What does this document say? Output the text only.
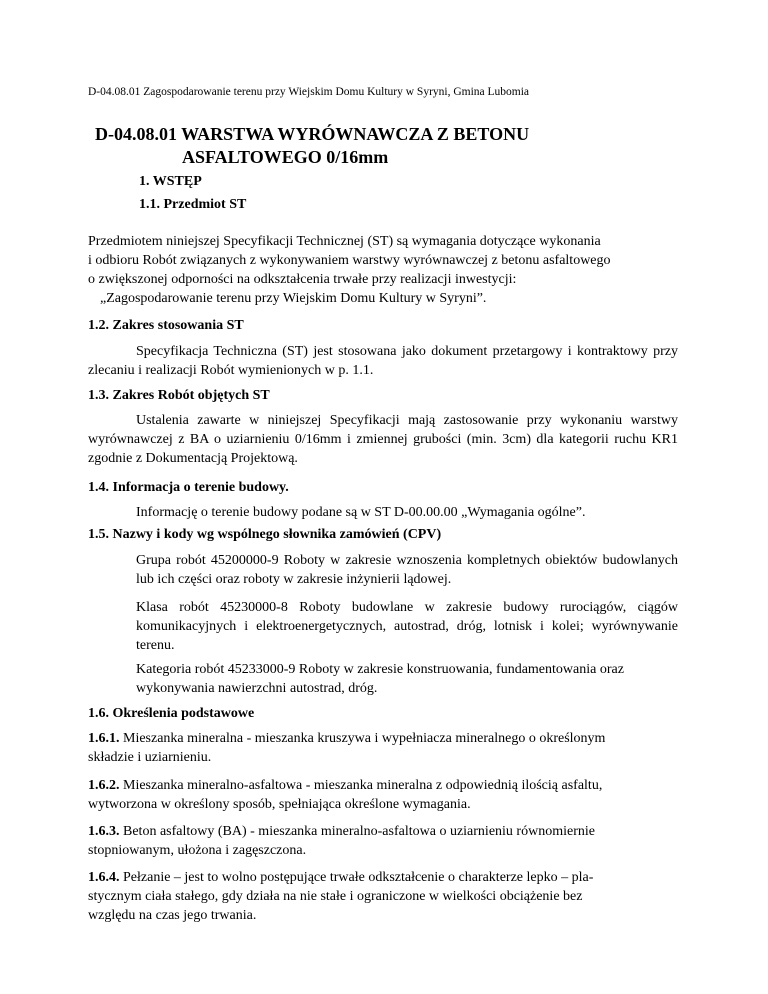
D-04.08.01 Zagospodarowanie terenu przy Wiejskim Domu Kultury w Syryni, Gmina Lubomia
D-04.08.01 WARSTWA WYRÓWNAWCZA Z BETONU
ASFALTOWEGO 0/16mm
1. WSTĘP
1.1. Przedmiot ST
Przedmiotem niniejszej Specyfikacji Technicznej (ST) są wymagania dotyczące wykonania
i odbioru Robót związanych z wykonywaniem warstwy wyrównawczej z betonu asfaltowego
o zwiększonej odporności na odkształcenia trwałe przy realizacji inwestycji:
„Zagospodarowanie terenu przy Wiejskim Domu Kultury w Syryni”.
1.2. Zakres stosowania ST
Specyfikacja Techniczna (ST) jest stosowana jako dokument przetargowy i kontraktowy przy zlecaniu i realizacji Robót wymienionych w p. 1.1.
1.3. Zakres Robót objętych ST
Ustalenia zawarte w niniejszej Specyfikacji mają zastosowanie przy wykonaniu warstwy wyrównawczej z BA o uziarnieniu 0/16mm i zmiennej grubości (min. 3cm) dla kategorii ruchu KR1 zgodnie z Dokumentacją Projektową.
1.4. Informacja o terenie budowy.
Informację o terenie budowy podane są w ST D-00.00.00 „Wymagania ogólne”.
1.5. Nazwy i kody wg wspólnego słownika zamówień (CPV)
Grupa robót 45200000-9 Roboty w zakresie wznoszenia kompletnych obiektów budowlanych lub ich części oraz roboty w zakresie inżynierii lądowej.
Klasa robót 45230000-8 Roboty budowlane w zakresie budowy rurociągów, ciągów komunikacyjnych i elektroenergetycznych, autostrad, dróg, lotnisk i kolei; wyrównywanie terenu.
Kategoria robót 45233000-9 Roboty w zakresie konstruowania, fundamentowania oraz wykonywania nawierzchni autostrad, dróg.
1.6. Określenia podstawowe
1.6.1. Mieszanka mineralna - mieszanka kruszywa i wypełniacza mineralnego o określonym
składzie i uziarnieniu.
1.6.2. Mieszanka mineralno-asfaltowa - mieszanka mineralna z odpowiednią ilością asfaltu,
wytworzona w określony sposób, spełniająca określone wymagania.
1.6.3. Beton asfaltowy (BA) - mieszanka mineralno-asfaltowa o uziarnieniu równomiernie
stopniowanym, ułożona i zagęszczona.
1.6.4. Pełzanie – jest to wolno postępujące trwałe odkształcenie o charakterze lepko – pla-
stycznym ciała stałego, gdy działa na nie stałe i ograniczone w wielkości obciążenie bez
względu na czas jego trwania.
